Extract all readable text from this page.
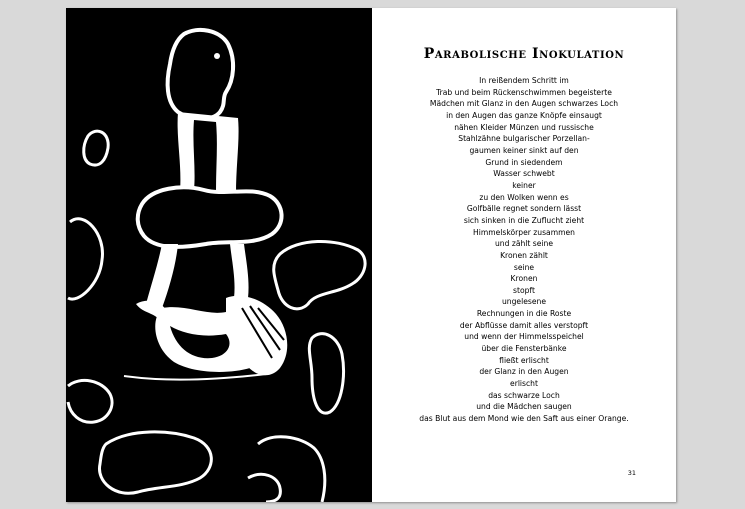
Parabolische Inokulation
In reißendem Schritt im
Trab und beim Rückenschwimmen begeisterte
Mädchen mit Glanz in den Augen schwarzes Loch
in den Augen das ganze Knöpfe einsaugt
nähen Kleider Münzen und russische
Stahlzähne bulgarischer Porzellan-
gaumen keiner sinkt auf den
Grund in siedendem
Wasser schwebt
keiner
zu den Wolken wenn es
Golfbälle regnet sondern lässt
sich sinken in die Zuflucht zieht
Himmelskörper zusammen
und zählt seine
Kronen zählt
seine
Kronen
stopft
ungelesene
Rechnungen in die Roste
der Abflüsse damit alles verstopft
und wenn der Himmelsspeichel
über die Fensterbänke
fließt erlischt
der Glanz in den Augen
erlischt
das schwarze Loch
und die Mädchen saugen
das Blut aus dem Mond wie den Saft aus einer Orange.
31
